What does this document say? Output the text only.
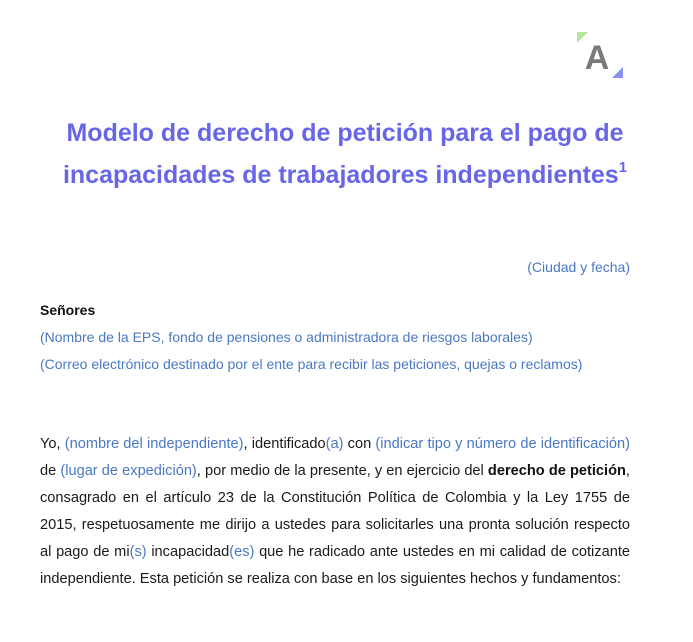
A
Modelo de derecho de petición para el pago de incapacidades de trabajadores independientes$^1$
(Ciudad y fecha)
Señores
(Nombre de la EPS, fondo de pensiones o administradora de riesgos laborales)
(Correo electrónico destinado por el ente para recibir las peticiones, quejas o reclamos)

Yo, (nombre del independiente), identificado(a) con (indicar tipo y número de identificación) de (lugar de expedición), por medio de la presente, y en ejercicio del derecho de petición, consagrado en el artículo 23 de la Constitución Política de Colombia y la Ley 1755 de 2015, respetuosamente me dirijo a ustedes para solicitarles una pronta solución respecto al pago de mi(s) incapacidad(es) que he radicado ante ustedes en mi calidad de cotizante independiente. Esta petición se realiza con base en los siguientes hechos y fundamentos:
